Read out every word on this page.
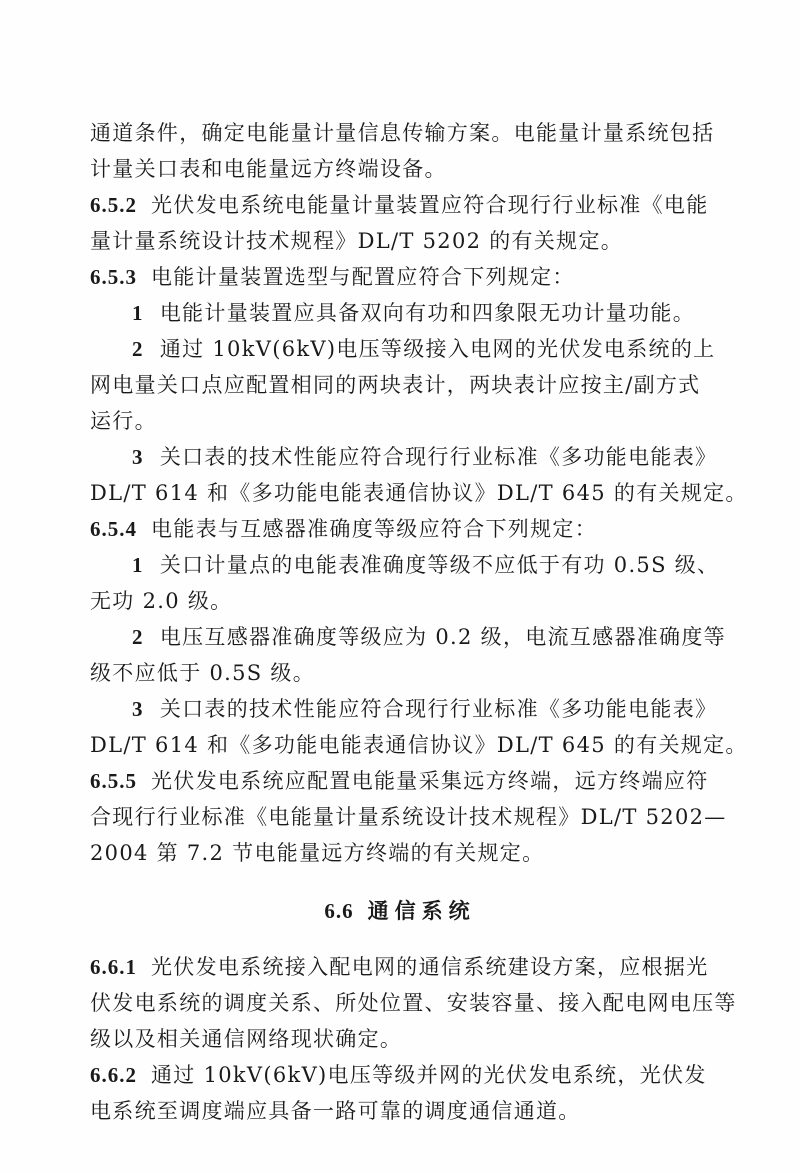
通道条件，确定电能量计量信息传输方案。电能量计量系统包括
计量关口表和电能量远方终端设备。
6.5.2 光伏发电系统电能量计量装置应符合现行行业标准《电能
量计量系统设计技术规程》DL/T 5202 的有关规定。
6.5.3 电能计量装置选型与配置应符合下列规定：
1 电能计量装置应具备双向有功和四象限无功计量功能。
2 通过 10kV(6kV)电压等级接入电网的光伏发电系统的上
网电量关口点应配置相同的两块表计，两块表计应按主/副方式
运行。
3 关口表的技术性能应符合现行行业标准《多功能电能表》
DL/T 614 和《多功能电能表通信协议》DL/T 645 的有关规定。
6.5.4 电能表与互感器准确度等级应符合下列规定：
1 关口计量点的电能表准确度等级不应低于有功 0.5S 级、
无功 2.0 级。
2 电压互感器准确度等级应为 0.2 级，电流互感器准确度等
级不应低于 0.5S 级。
3 关口表的技术性能应符合现行行业标准《多功能电能表》
DL/T 614 和《多功能电能表通信协议》DL/T 645 的有关规定。
6.5.5 光伏发电系统应配置电能量采集远方终端，远方终端应符
合现行行业标准《电能量计量系统设计技术规程》DL/T 5202—
2004 第 7.2 节电能量远方终端的有关规定。
6.6 通信系统
6.6.1 光伏发电系统接入配电网的通信系统建设方案，应根据光
伏发电系统的调度关系、所处位置、安装容量、接入配电网电压等
级以及相关通信网络现状确定。
6.6.2 通过 10kV(6kV)电压等级并网的光伏发电系统，光伏发
电系统至调度端应具备一路可靠的调度通信通道。
